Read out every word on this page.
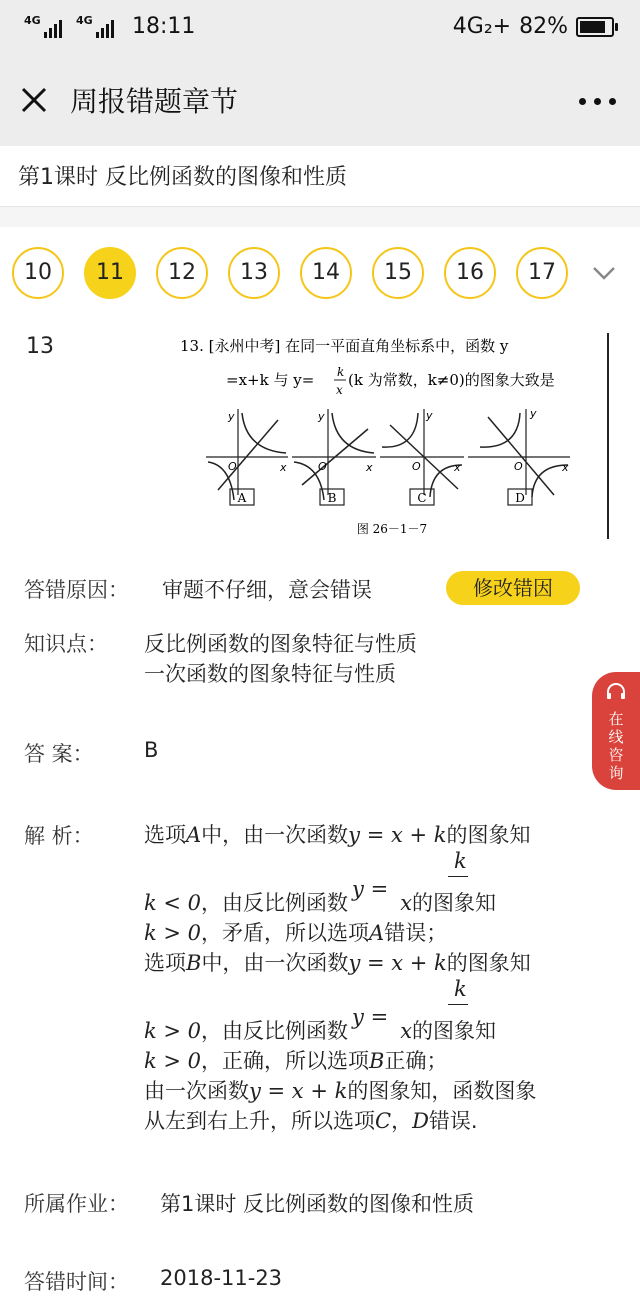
4G	4G 18:11	4G₂+ 82%
周报错题章节
第1课时 反比例函数的图像和性质
10	11	12	13	14	15	16	17
13	13. [永州中考] 在同一平面直角坐标系中，函数 y
=x+k 与 y= k
x
(k 为常数，k≠0)的图象大致是
y
x
O
y
x
O
y
x
O
y
x
O
A	B	C	D
图 26－1－7
答错原因： 审题不仔细，意会错误	修改错因
知识点： 反比例函数的图象特征与性质
一次函数的图象特征与性质
答 案： B
在线咨询
解 析： 选项A中，由一次函数y = x + k的图象知
k
k < 0，由反比例函数y =x的图象知
k > 0，矛盾，所以选项A错误；
选项B中，由一次函数y = x + k的图象知
k
k > 0，由反比例函数y =x的图象知
k > 0，正确，所以选项B正确；
由一次函数y = x + k的图象知，函数图象
从左到右上升，所以选项C，D错误.
所属作业： 第1课时 反比例函数的图像和性质
答错时间： 2018-11-23
